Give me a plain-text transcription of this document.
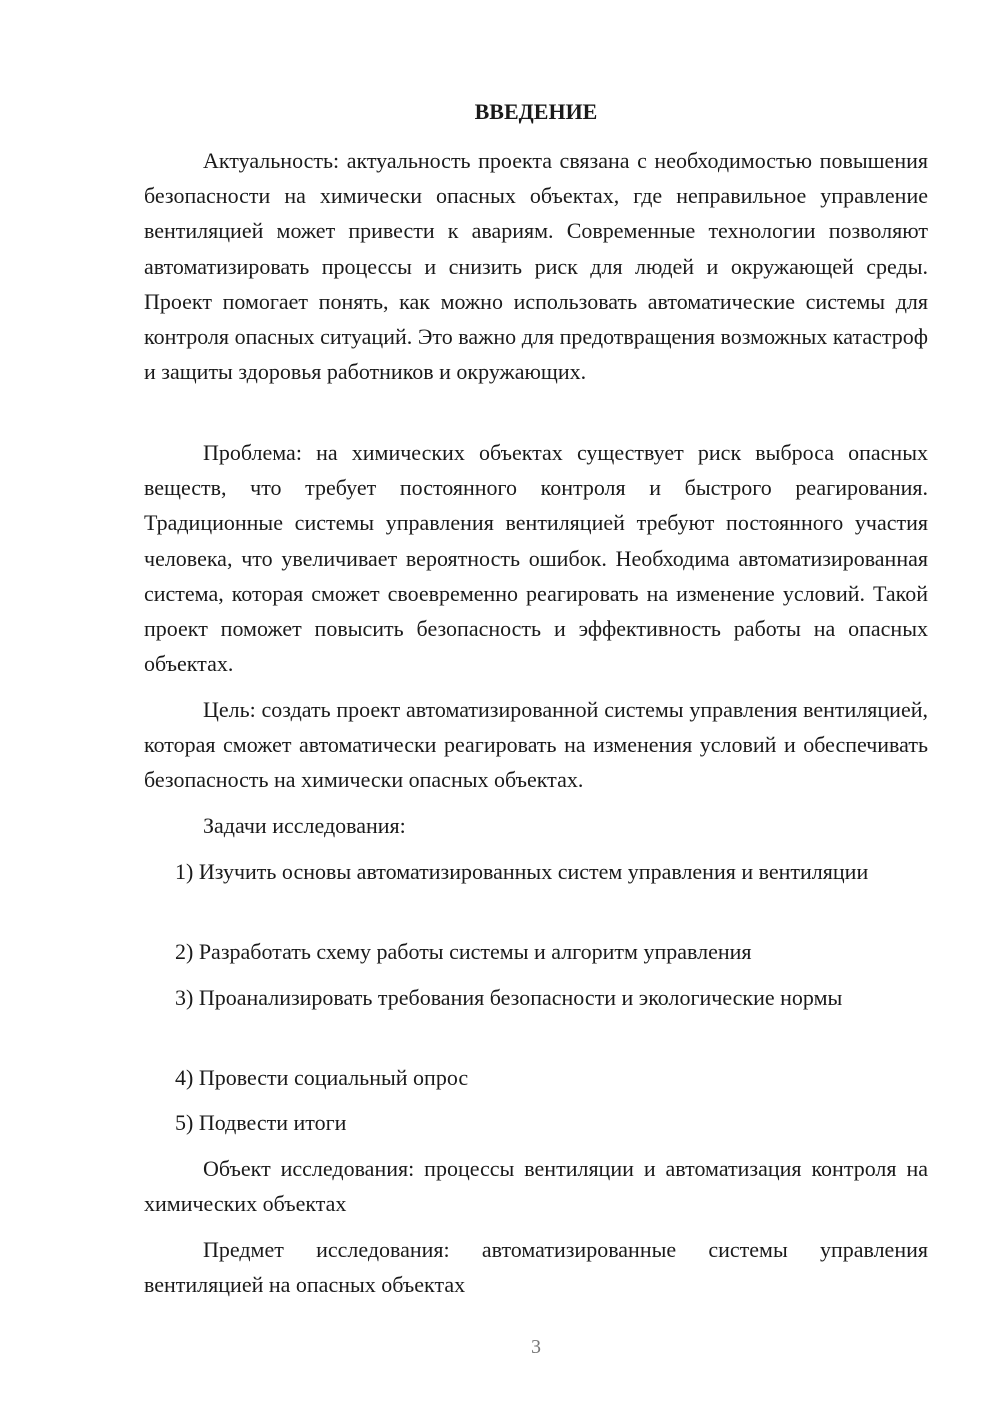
ВВЕДЕНИЕ

Актуальность: актуальность проекта связана с необходимостью повышения безопасности на химически опасных объектах, где неправильное управление вентиляцией может привести к авариям. Современные технологии позволяют автоматизировать процессы и снизить риск для людей и окружающей среды. Проект помогает понять, как можно использовать автоматические системы для контроля опасных ситуаций. Это важно для предотвращения возможных катастроф и защиты здоровья работников и окружающих.

Проблема: на химических объектах существует риск выброса опасных веществ, что требует постоянного контроля и быстрого реагирования. Традиционные системы управления вентиляцией требуют постоянного участия человека, что увеличивает вероятность ошибок. Необходима автоматизированная система, которая сможет своевременно реагировать на изменение условий. Такой проект поможет повысить безопасность и эффективность работы на опасных объектах.

Цель: создать проект автоматизированной системы управления вентиляцией, которая сможет автоматически реагировать на изменения условий и обеспечивать безопасность на химически опасных объектах.

Задачи исследования:

1) Изучить основы автоматизированных систем управления и вентиляции

2) Разработать схему работы системы и алгоритм управления

3) Проанализировать требования безопасности и экологические нормы

4) Провести социальный опрос

5) Подвести итоги

Объект исследования: процессы вентиляции и автоматизация контроля на химических объектах

Предмет исследования: автоматизированные системы управления вентиляцией на опасных объектах

3
